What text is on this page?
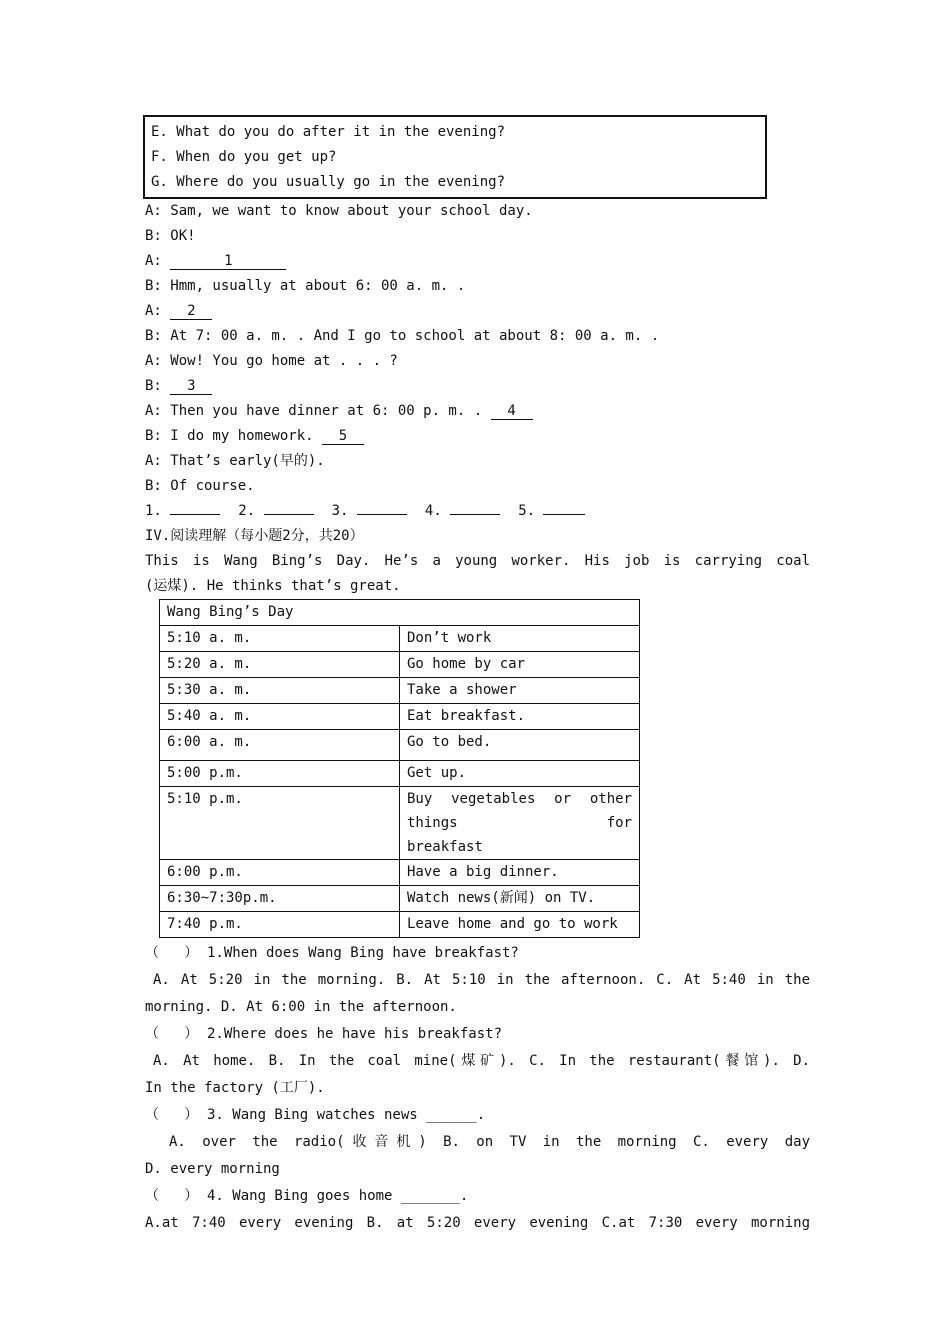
E. What do you do after it in the evening?
F. When do you get up?
G. Where do you usually go in the evening?
A: Sam, we want to know about your school day.
B: OK!
A:	1
B: Hmm, usually at about 6: 00 a. m. .
A: 2
B: At 7: 00 a. m. . And I go to school at about 8: 00 a. m. .
A: Wow! You go home at . . . ?
B: 3
A: Then you have dinner at 6: 00 p. m. . 4
B: I do my homework. 5
A: That’s early(早的).
B: Of course.
1.	2.	3.	4.	5.
IV.阅读理解（每小题2分，共20）
This is Wang Bing’s Day. He’s a young worker. His job is carrying coal
(运煤). He thinks that’s great.
Wang Bing’s Day	
5:10 a. m.	Don’t work
5:20 a. m.	Go home by car
5:30 a. m.	Take a shower
5:40 a. m.	Eat breakfast.
6:00 a. m.	Go to bed.
5:00 p.m.	Get up.
5:10 p.m.	Buy vegetables or other things for
breakfast

6:00 p.m.	Have a big dinner.
6:30~7:30p.m.	Watch news(新闻) on TV.
7:40 p.m.	Leave home and go to work
（ ） 1.When does Wang Bing have breakfast?
A. At 5:20 in the morning. B. At 5:10 in the afternoon. C. At 5:40 in the
morning. D. At 6:00 in the afternoon.
（ ） 2.Where does he have his breakfast?
A. At home. B. In the coal mine(煤矿). C. In the restaurant(餐馆). D.
In the factory (工厂).
（ ） 3. Wang Bing watches news ______.
A. over the radio(收音机) B. on TV in the morning C. every day
D. every morning
（ ） 4. Wang Bing goes home _______.
A.at 7:40 every evening B. at 5:20 every evening C.at 7:30 every morning
